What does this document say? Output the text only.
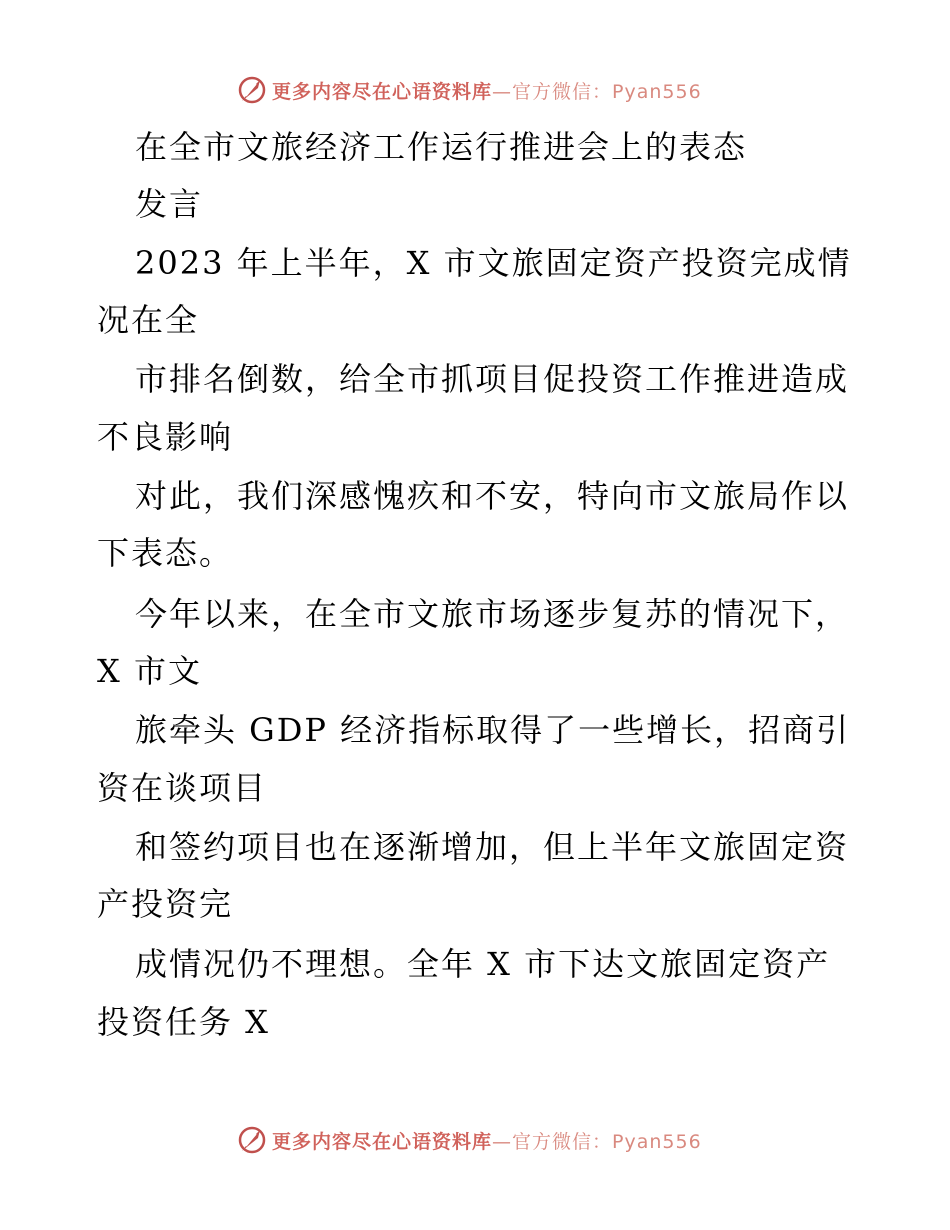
更多内容尽在心语资料库—官方微信：Pyan556
在全市文旅经济工作运行推进会上的表态
发言
2023 年上半年，X 市文旅固定资产投资完成情
况在全
市排名倒数，给全市抓项目促投资工作推进造成
不良影响
对此，我们深感愧疚和不安，特向市文旅局作以
下表态。
今年以来，在全市文旅市场逐步复苏的情况下，
X 市文
旅牵头 GDP 经济指标取得了一些增长，招商引
资在谈项目
和签约项目也在逐渐增加，但上半年文旅固定资
产投资完
成情况仍不理想。全年 X 市下达文旅固定资产
投资任务 X
更多内容尽在心语资料库—官方微信：Pyan556
